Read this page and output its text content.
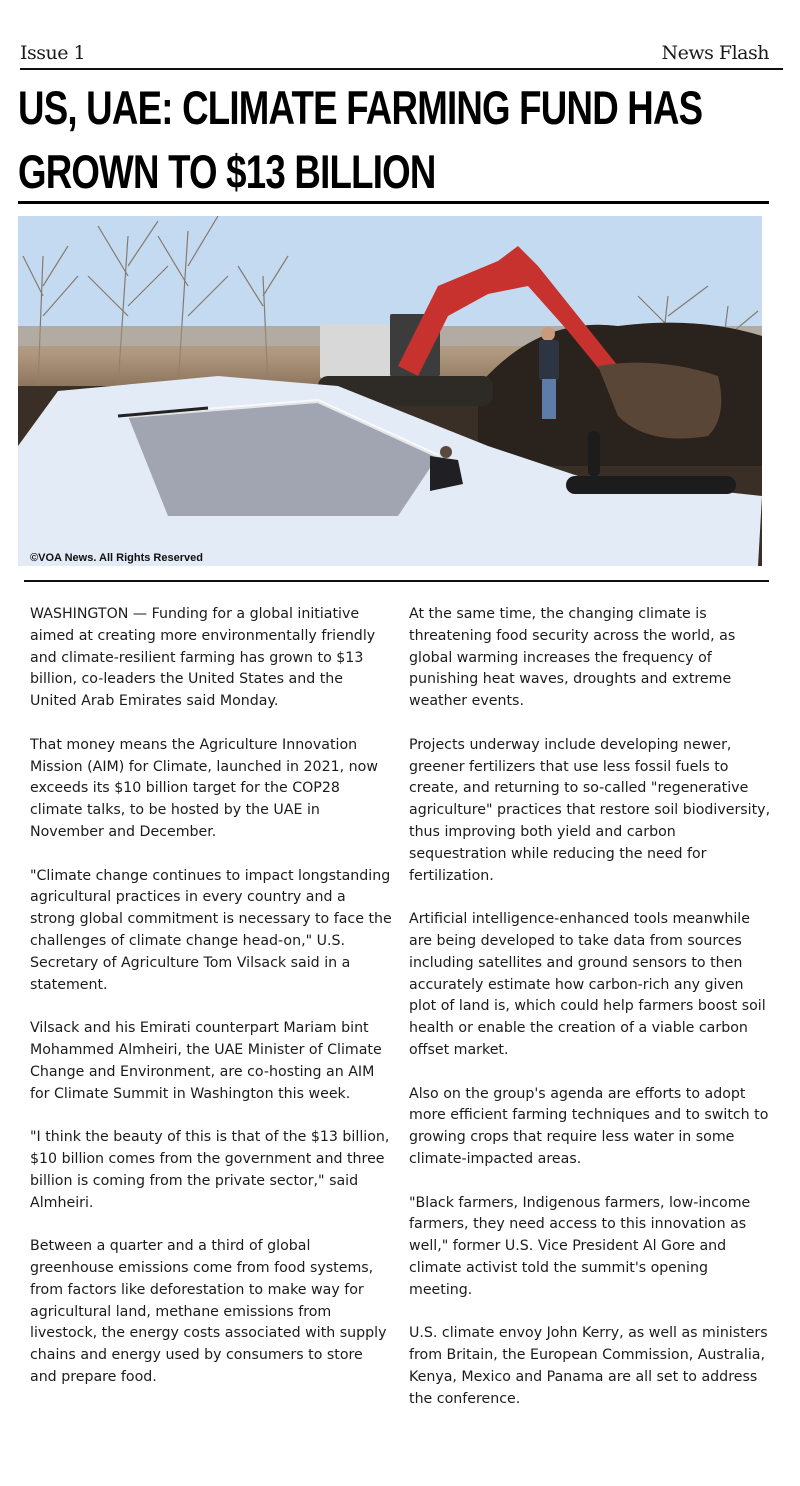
Issue 1	News Flash
US, UAE: CLIMATE FARMING FUND HAS GROWN TO $13 BILLION
©VOA News. All Rights Reserved

WASHINGTON — Funding for a global initiative aimed at creating more environmentally friendly and climate-resilient farming has grown to $13 billion, co-leaders the United States and the United Arab Emirates said Monday.

That money means the Agriculture Innovation Mission (AIM) for Climate, launched in 2021, now exceeds its $10 billion target for the COP28 climate talks, to be hosted by the UAE in November and December.

"Climate change continues to impact longstanding agricultural practices in every country and a strong global commitment is necessary to face the challenges of climate change head-on," U.S. Secretary of Agriculture Tom Vilsack said in a statement.

Vilsack and his Emirati counterpart Mariam bint Mohammed Almheiri, the UAE Minister of Climate Change and Environment, are co-hosting an AIM for Climate Summit in Washington this week.

"I think the beauty of this is that of the $13 billion, $10 billion comes from the government and three billion is coming from the private sector," said Almheiri.

Between a quarter and a third of global greenhouse emissions come from food systems, from factors like deforestation to make way for agricultural land, methane emissions from livestock, the energy costs associated with supply chains and energy used by consumers to store and prepare food.

At the same time, the changing climate is threatening food security across the world, as global warming increases the frequency of punishing heat waves, droughts and extreme weather events.

Projects underway include developing newer, greener fertilizers that use less fossil fuels to create, and returning to so-called "regenerative agriculture" practices that restore soil biodiversity, thus improving both yield and carbon sequestration while reducing the need for fertilization.

Artificial intelligence-enhanced tools meanwhile are being developed to take data from sources including satellites and ground sensors to then accurately estimate how carbon-rich any given plot of land is, which could help farmers boost soil health or enable the creation of a viable carbon offset market.

Also on the group's agenda are efforts to adopt more efficient farming techniques and to switch to growing crops that require less water in some climate-impacted areas.

"Black farmers, Indigenous farmers, low-income farmers, they need access to this innovation as well," former U.S. Vice President Al Gore and climate activist told the summit's opening meeting.

U.S. climate envoy John Kerry, as well as ministers from Britain, the European Commission, Australia, Kenya, Mexico and Panama are all set to address the conference.
